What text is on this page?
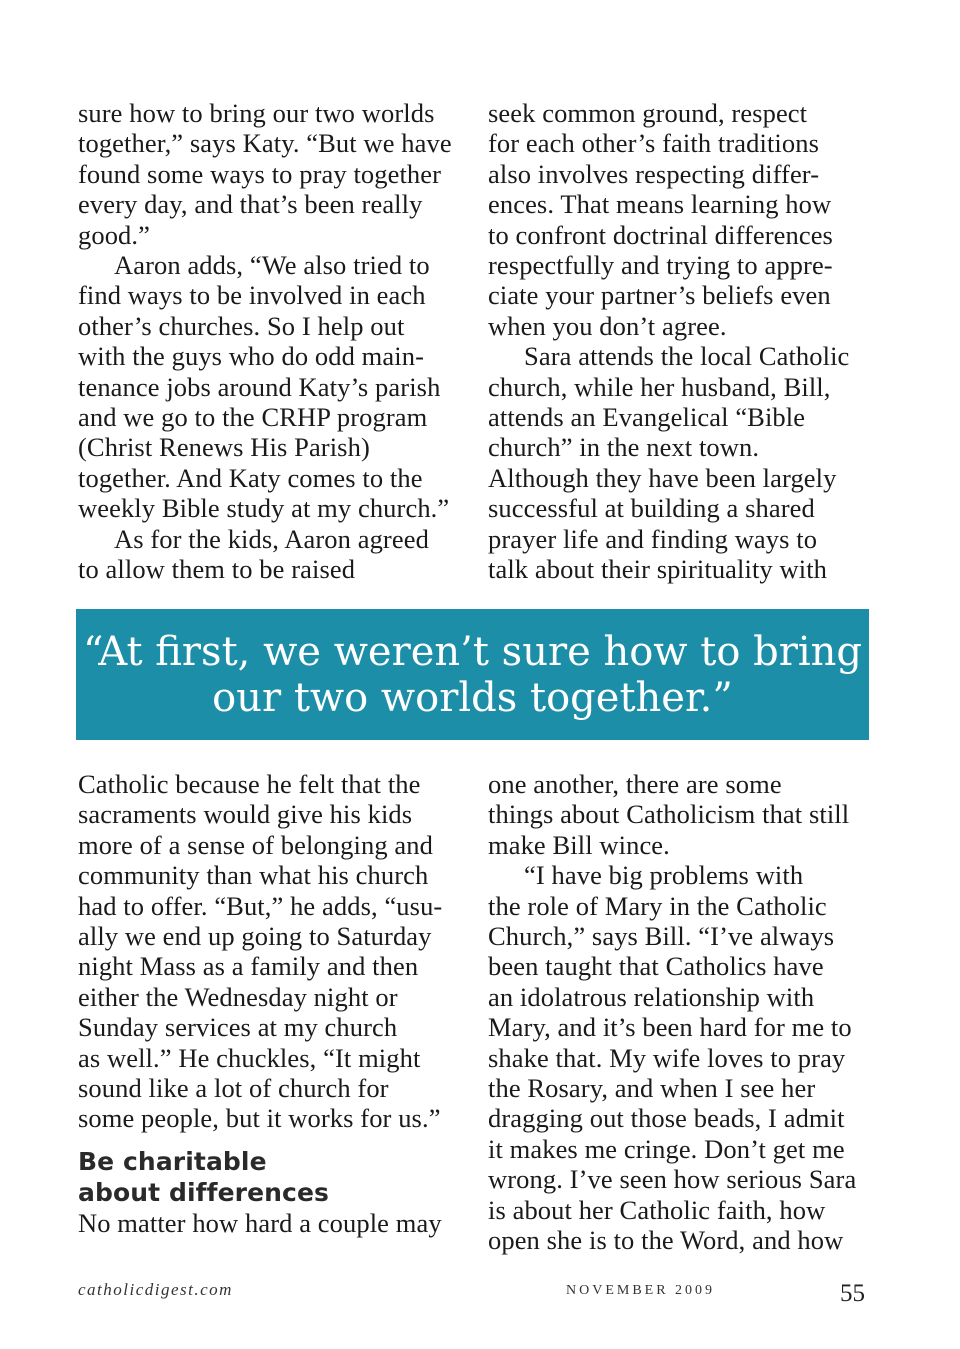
sure how to bring our two worlds
together,” says Katy. “But we have
found some ways to pray together
every day, and that’s been really
good.”

Aaron adds, “We also tried to
find ways to be involved in each
other’s churches. So I help out
with the guys who do odd main-
tenance jobs around Katy’s parish
and we go to the CRHP program
(Christ Renews His Parish)
together. And Katy comes to the
weekly Bible study at my church.”

As for the kids, Aaron agreed
to allow them to be raised

seek common ground, respect
for each other’s faith traditions
also involves respecting differ-
ences. That means learning how
to confront doctrinal differences
respectfully and trying to appre-
ciate your partner’s beliefs even
when you don’t agree.

Sara attends the local Catholic

church, while her husband, Bill,
attends an Evangelical “Bible
church” in the next town.
Although they have been largely
successful at building a shared
prayer life and finding ways to
talk about their spirituality with

“At first, we weren’t sure how to bring
our two worlds together.”

Catholic because he felt that the
sacraments would give his kids
more of a sense of belonging and
community than what his church
had to offer. “But,” he adds, “usu-
ally we end up going to Saturday
night Mass as a family and then
either the Wednesday night or
Sunday services at my church
as well.” He chuckles, “It might
sound like a lot of church for
some people, but it works for us.”

Be charitable
about differences

No matter how hard a couple may

one another, there are some
things about Catholicism that still
make Bill wince.

“I have big problems with

the role of Mary in the Catholic
Church,” says Bill. “I’ve always
been taught that Catholics have
an idolatrous relationship with
Mary, and it’s been hard for me to
shake that. My wife loves to pray
the Rosary, and when I see her
dragging out those beads, I admit
it makes me cringe. Don’t get me
wrong. I’ve seen how serious Sara
is about her Catholic faith, how
open she is to the Word, and how

catholicdigest.com	NOVEMBER 2009	55
